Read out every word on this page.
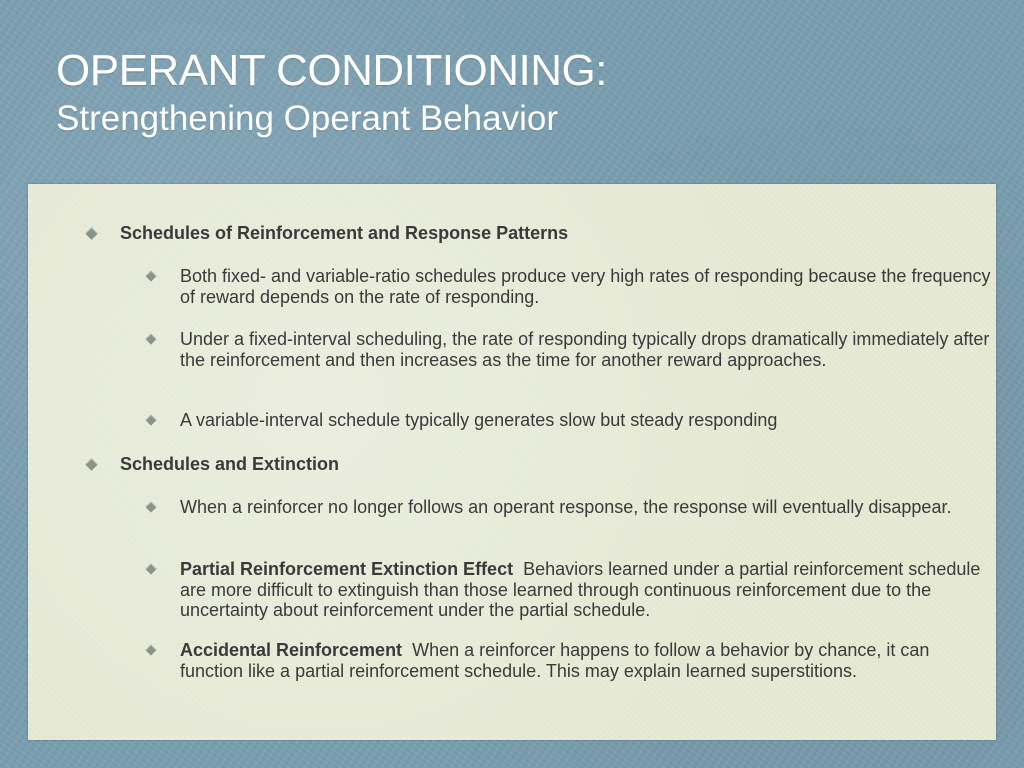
OPERANT CONDITIONING:
Strengthening Operant Behavior
Schedules of Reinforcement and Response Patterns
Both fixed- and variable-ratio schedules produce very high rates of responding because the frequency of reward depends on the rate of responding.
Under a fixed-interval scheduling, the rate of responding typically drops dramatically immediately after the reinforcement and then increases as the time for another reward approaches.
A variable-interval schedule typically generates slow but steady responding
Schedules and Extinction
When a reinforcer no longer follows an operant response, the response will eventually disappear.
Partial Reinforcement Extinction Effect Behaviors learned under a partial reinforcement schedule are more difficult to extinguish than those learned through continuous reinforcement due to the uncertainty about reinforcement under the partial schedule.
Accidental Reinforcement When a reinforcer happens to follow a behavior by chance, it can function like a partial reinforcement schedule. This may explain learned superstitions.
